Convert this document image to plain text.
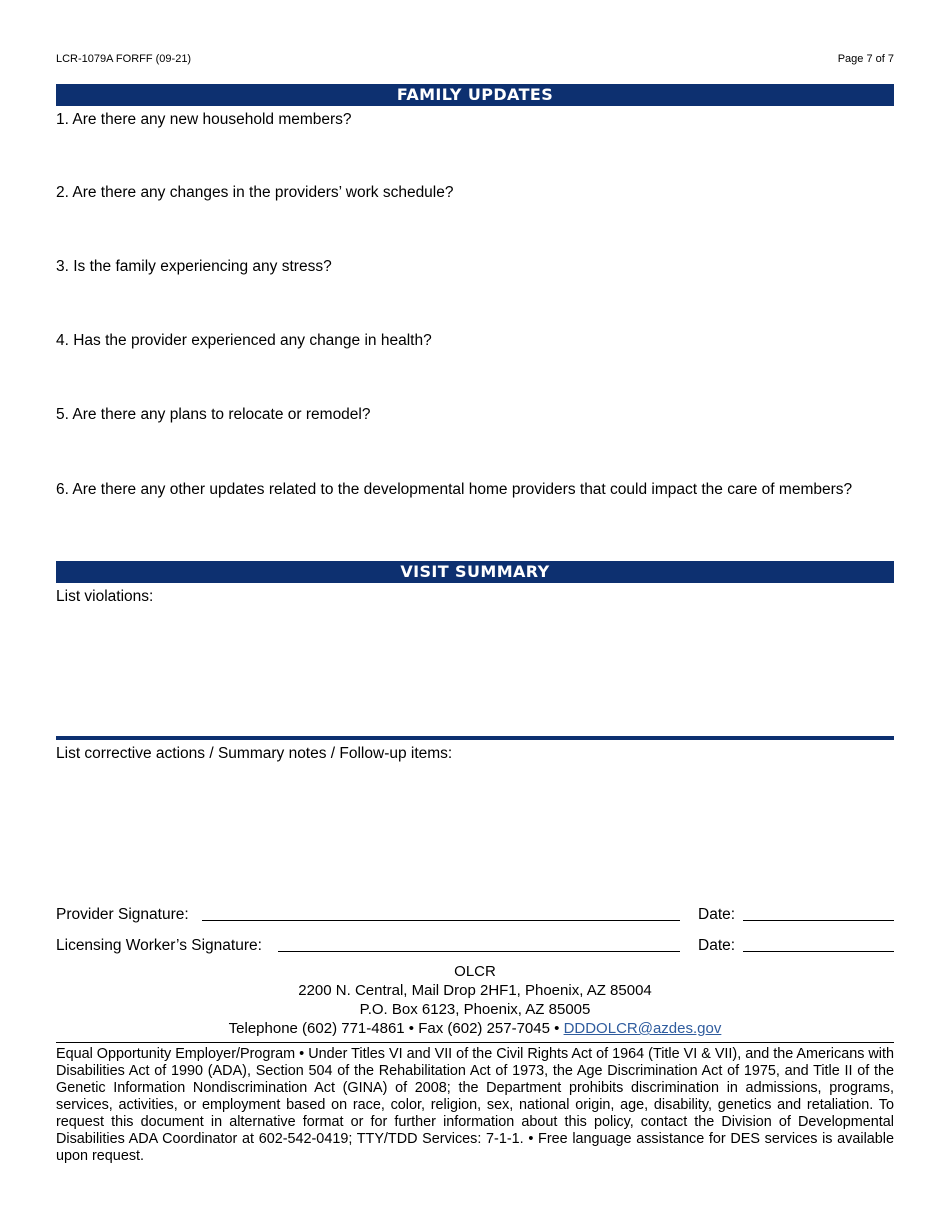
LCR-1079A FORFF (09-21)	Page 7 of 7
FAMILY UPDATES
1. Are there any new household members?
2. Are there any changes in the providers’ work schedule?
3. Is the family experiencing any stress?
4. Has the provider experienced any change in health?
5. Are there any plans to relocate or remodel?
6. Are there any other updates related to the developmental home providers that could impact the care of members?
VISIT SUMMARY
List violations:
List corrective actions / Summary notes / Follow-up items:
Provider Signature:	Date:
Licensing Worker’s Signature:	Date:
OLCR
2200 N. Central, Mail Drop 2HF1, Phoenix, AZ 85004
P.O. Box 6123, Phoenix, AZ 85005
Telephone (602) 771-4861 • Fax (602) 257-7045 • DDDOLCR@azdes.gov
Equal Opportunity Employer/Program • Under Titles VI and VII of the Civil Rights Act of 1964 (Title VI & VII), and the Americans with Disabilities Act of 1990 (ADA), Section 504 of the Rehabilitation Act of 1973, the Age Discrimination Act of 1975, and Title II of the Genetic Information Nondiscrimination Act (GINA) of 2008; the Department prohibits discrimination in admissions, programs, services, activities, or employment based on race, color, religion, sex, national origin, age, disability, genetics and retaliation. To request this document in alternative format or for further information about this policy, contact the Division of Developmental Disabilities ADA Coordinator at 602-542-0419; TTY/TDD Services: 7-1-1. • Free language assistance for DES services is available upon request.
